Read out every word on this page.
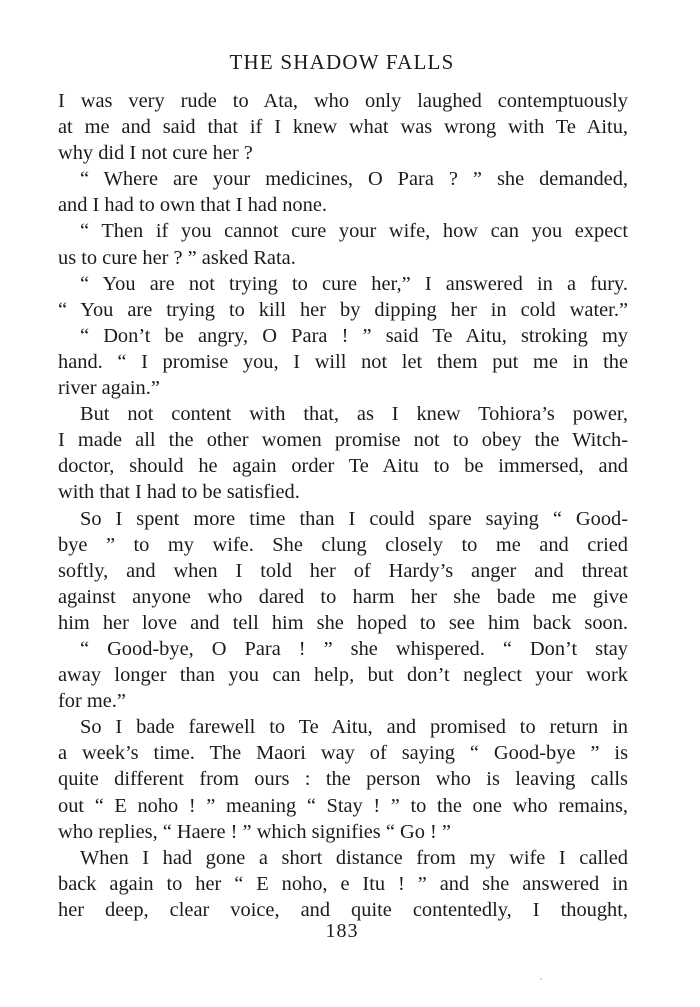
THE SHADOW FALLS
I was very rude to Ata, who only laughed contemptuously
at me and said that if I knew what was wrong with Te Aitu,
why did I not cure her ?
“ Where are your medicines, O Para ? ” she demanded,
and I had to own that I had none.
“ Then if you cannot cure your wife, how can you expect
us to cure her ? ” asked Rata.
“ You are not trying to cure her,” I answered in a fury.
“ You are trying to kill her by dipping her in cold water.”
“ Don’t be angry, O Para ! ” said Te Aitu, stroking my
hand. “ I promise you, I will not let them put me in the
river again.”
But not content with that, as I knew Tohiora’s power,
I made all the other women promise not to obey the Witch-
doctor, should he again order Te Aitu to be immersed, and
with that I had to be satisfied.
So I spent more time than I could spare saying “ Good-
bye ” to my wife. She clung closely to me and cried
softly, and when I told her of Hardy’s anger and threat
against anyone who dared to harm her she bade me give
him her love and tell him she hoped to see him back soon.
“ Good-bye, O Para ! ” she whispered. “ Don’t stay
away longer than you can help, but don’t neglect your work
for me.”
So I bade farewell to Te Aitu, and promised to return in
a week’s time. The Maori way of saying “ Good-bye ” is
quite different from ours : the person who is leaving calls
out “ E noho ! ” meaning “ Stay ! ” to the one who remains,
who replies, “ Haere ! ” which signifies “ Go ! ”
When I had gone a short distance from my wife I called
back again to her “ E noho, e Itu ! ” and she answered in
her deep, clear voice, and quite contentedly, I thought,
183
